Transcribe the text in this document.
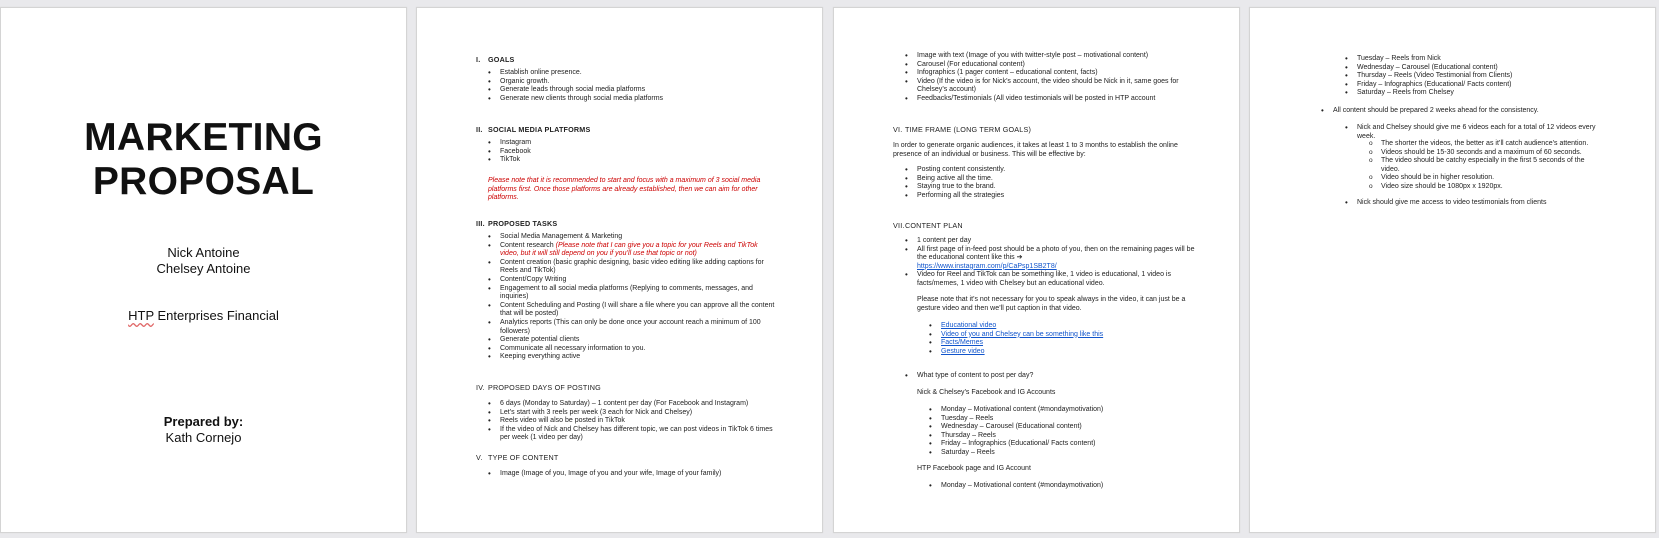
MARKETING
PROPOSAL
Nick Antoine
Chelsey Antoine
HTP Enterprises Financial
Prepared by:
Kath Cornejo
I. GOALS
• Establish online presence.
• Organic growth.
• Generate leads through social media platforms
• Generate new clients through social media platforms
II. SOCIAL MEDIA PLATFORMS
• Instagram
• Facebook
• TikTok
Please note that it is recommended to start and focus with a maximum of 3 social media platforms first. Once those platforms are already established, then we can aim for other platforms.
III. PROPOSED TASKS
• Social Media Management & Marketing
• Content research (Please note that I can give you a topic for your Reels and TikTok video, but it will still depend on you if you’ll use that topic or not)
• Content creation (basic graphic designing, basic video editing like adding captions for Reels and TikTok)
• Content/Copy Writing
• Engagement to all social media platforms (Replying to comments, messages, and inquiries)
• Content Scheduling and Posting (I will share a file where you can approve all the content that will be posted)
• Analytics reports (This can only be done once your account reach a minimum of 100 followers)
• Generate potential clients
• Communicate all necessary information to you.
• Keeping everything active
IV. PROPOSED DAYS OF POSTING
• 6 days (Monday to Saturday) – 1 content per day (For Facebook and Instagram)
• Let’s start with 3 reels per week (3 each for Nick and Chelsey)
• Reels video will also be posted in TikTok
• If the video of Nick and Chelsey has different topic, we can post videos in TikTok 6 times per week (1 video per day)
V. TYPE OF CONTENT
• Image (Image of you, Image of you and your wife, Image of your family)
• Image with text (Image of you with twitter-style post – motivational content)
• Carousel (For educational content)
• Infographics (1 pager content – educational content, facts)
• Video (If the video is for Nick’s account, the video should be Nick in it, same goes for Chelsey’s account)
• Feedbacks/Testimonials (All video testimonials will be posted in HTP account
VI. TIME FRAME (LONG TERM GOALS)
In order to generate organic audiences, it takes at least 1 to 3 months to establish the online presence of an individual or business. This will be effective by:
• Posting content consistently.
• Being active all the time.
• Staying true to the brand.
• Performing all the strategies
VII.CONTENT PLAN
• 1 content per day
• All first page of in-feed post should be a photo of you, then on the remaining pages will be the educational content like this ➔
https://www.instagram.com/p/CaPsp1SB2T8/
• Video for Reel and TikTok can be something like, 1 video is educational, 1 video is facts/memes, 1 video with Chelsey but an educational video.
Please note that it’s not necessary for you to speak always in the video, it can just be a gesture video and then we’ll put caption in that video.
• Educational video
• Video of you and Chelsey can be something like this
• Facts/Memes
• Gesture video
• What type of content to post per day?
Nick & Chelsey’s Facebook and IG Accounts
• Monday – Motivational content (#mondaymotivation)
• Tuesday – Reels
• Wednesday – Carousel (Educational content)
• Thursday – Reels
• Friday – Infographics (Educational/ Facts content)
• Saturday – Reels
HTP Facebook page and IG Account
• Monday – Motivational content (#mondaymotivation)
• Tuesday – Reels from Nick
• Wednesday – Carousel (Educational content)
• Thursday – Reels (Video Testimonial from Clients)
• Friday – Infographics (Educational/ Facts content)
• Saturday – Reels from Chelsey
• All content should be prepared 2 weeks ahead for the consistency.
• Nick and Chelsey should give me 6 videos each for a total of 12 videos every week.
o The shorter the videos, the better as it’ll catch audience’s attention.
o Videos should be 15-30 seconds and a maximum of 60 seconds.
o The video should be catchy especially in the first 5 seconds of the video.
o Video should be in higher resolution.
o Video size should be 1080px x 1920px.
• Nick should give me access to video testimonials from clients
